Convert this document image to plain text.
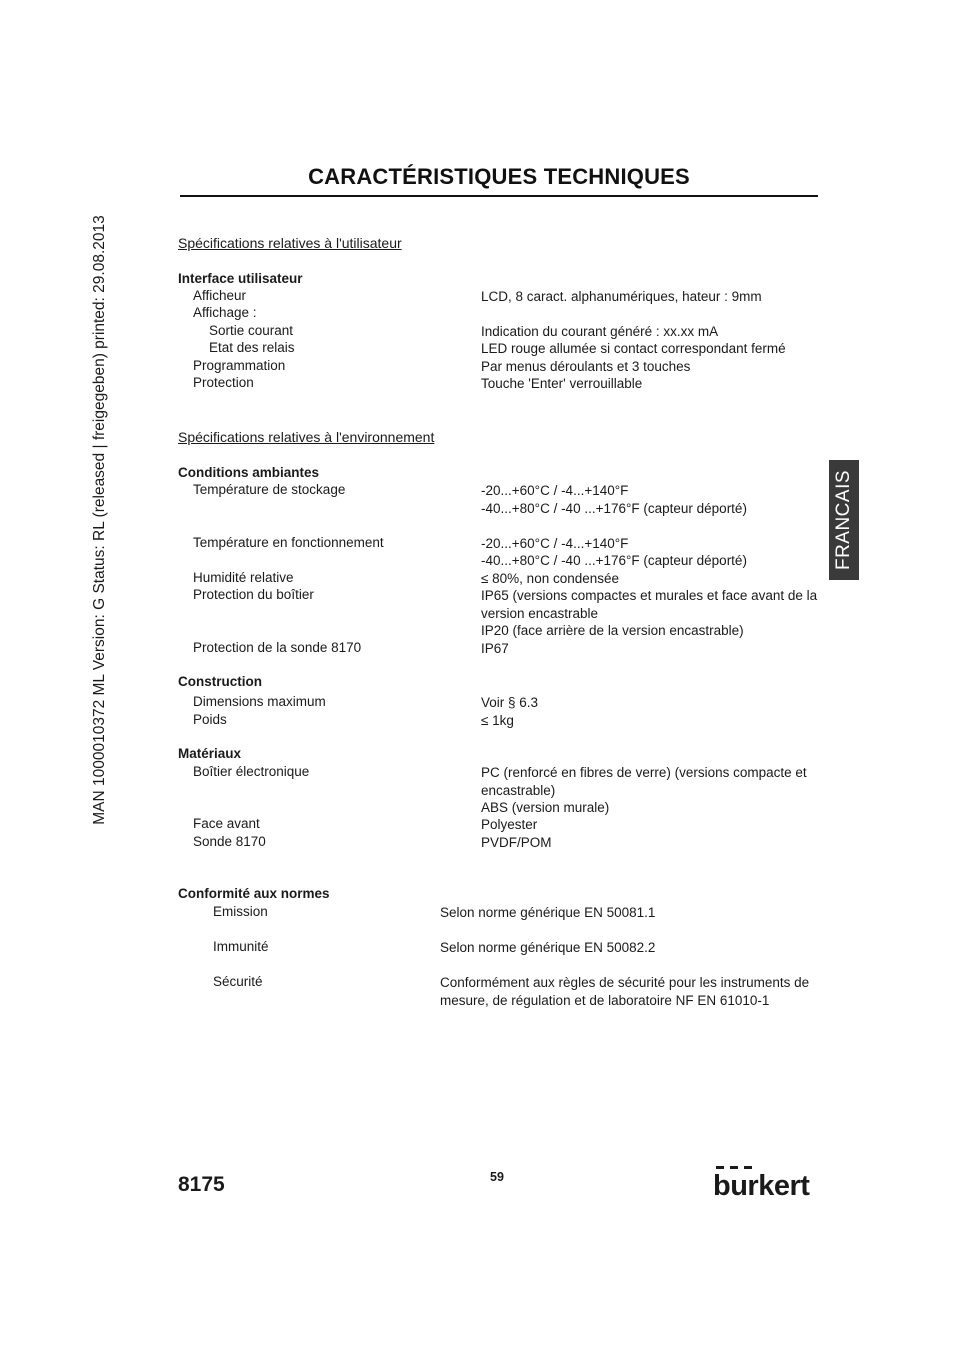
MAN 1000010372 ML Version: G Status: RL (released | freigegeben) printed: 29.08.2013
CARACTÉRISTIQUES TECHNIQUES
Spécifications relatives à l'utilisateur
Interface utilisateur
Afficheur	LCD, 8 caract. alphanumériques, hateur : 9mm
Affichage :
Sortie courant	Indication du courant généré : xx.xx mA
Etat des relais	LED rouge allumée si contact correspondant fermé
Programmation	Par menus déroulants et 3 touches
Protection	Touche 'Enter' verrouillable
Spécifications relatives à l'environnement
Conditions ambiantes
Température de stockage	-20...+60°C / -4...+140°F
-40...+80°C / -40 ...+176°F (capteur déporté)
Température en fonctionnement	-20...+60°C / -4...+140°F
-40...+80°C / -40 ...+176°F (capteur déporté)
Humidité relative	≤ 80%, non condensée
Protection du boîtier	IP65 (versions compactes et murales et face avant de la version encastrable
IP20 (face arrière de la version encastrable)
Protection de la sonde 8170	IP67
Construction
Dimensions maximum	Voir § 6.3
Poids	≤ 1kg
Matériaux
Boîtier électronique	PC (renforcé en fibres de verre) (versions compacte et encastrable)
ABS (version murale)
Face avant	Polyester
Sonde 8170	PVDF/POM
Conformité aux normes
Emission	Selon norme générique EN 50081.1
Immunité	Selon norme générique EN 50082.2
Sécurité	Conformément aux règles de sécurité pour les instruments de mesure, de régulation et de laboratoire NF EN 61010-1
FRANCAIS
8175	59	burkert
